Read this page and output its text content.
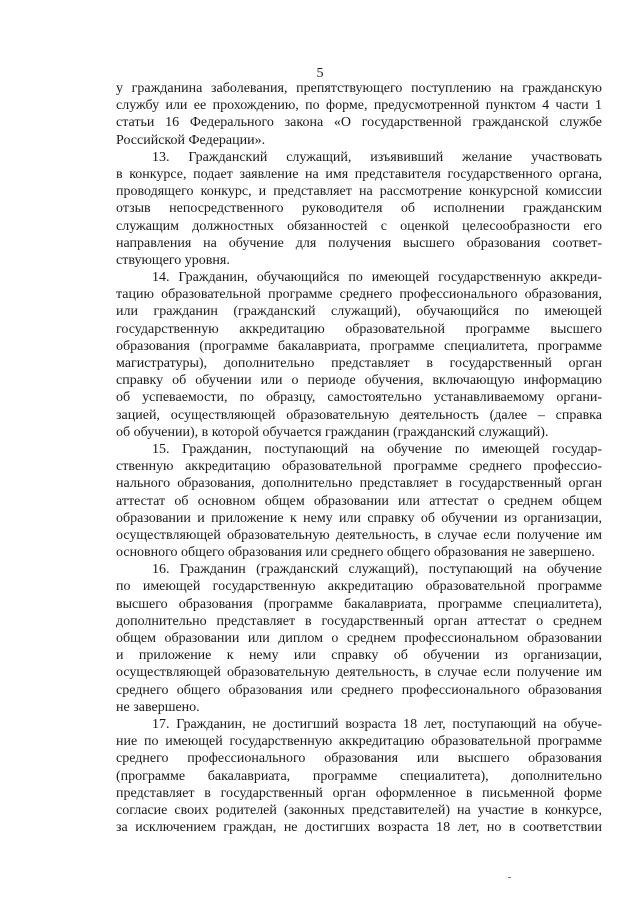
5

у гражданина заболевания, препятствующего поступлению на гражданскую
службу или ее прохождению, по форме, предусмотренной пунктом 4 части 1
статьи 16 Федерального закона «О государственной гражданской службе
Российской Федерации».

13. Гражданский служащий, изъявивший желание участвовать
в конкурсе, подает заявление на имя представителя государственного органа,
проводящего конкурс, и представляет на рассмотрение конкурсной комиссии
отзыв непосредственного руководителя об исполнении гражданским
служащим должностных обязанностей с оценкой целесообразности его
направления на обучение для получения высшего образования соответ-
ствующего уровня.

14. Гражданин, обучающийся по имеющей государственную аккреди-
тацию образовательной программе среднего профессионального образования,
или гражданин (гражданский служащий), обучающийся по имеющей
государственную аккредитацию образовательной программе высшего
образования (программе бакалавриата, программе специалитета, программе
магистратуры), дополнительно представляет в государственный орган
справку об обучении или о периоде обучения, включающую информацию
об успеваемости, по образцу, самостоятельно устанавливаемому органи-
зацией, осуществляющей образовательную деятельность (далее – справка
об обучении), в которой обучается гражданин (гражданский служащий).

15. Гражданин, поступающий на обучение по имеющей государ-
ственную аккредитацию образовательной программе среднего профессио-
нального образования, дополнительно представляет в государственный орган
аттестат об основном общем образовании или аттестат о среднем общем
образовании и приложение к нему или справку об обучении из организации,
осуществляющей образовательную деятельность, в случае если получение им
основного общего образования или среднего общего образования не завершено.

16. Гражданин (гражданский служащий), поступающий на обучение
по имеющей государственную аккредитацию образовательной программе
высшего образования (программе бакалавриата, программе специалитета),
дополнительно представляет в государственный орган аттестат о среднем
общем образовании или диплом о среднем профессиональном образовании
и приложение к нему или справку об обучении из организации,
осуществляющей образовательную деятельность, в случае если получение им
среднего общего образования или среднего профессионального образования
не завершено.

17. Гражданин, не достигший возраста 18 лет, поступающий на обуче-
ние по имеющей государственную аккредитацию образовательной программе
среднего профессионального образования или высшего образования
(программе бакалавриата, программе специалитета), дополнительно
представляет в государственный орган оформленное в письменной форме
согласие своих родителей (законных представителей) на участие в конкурсе,
за исключением граждан, не достигших возраста 18 лет, но в соответствии
